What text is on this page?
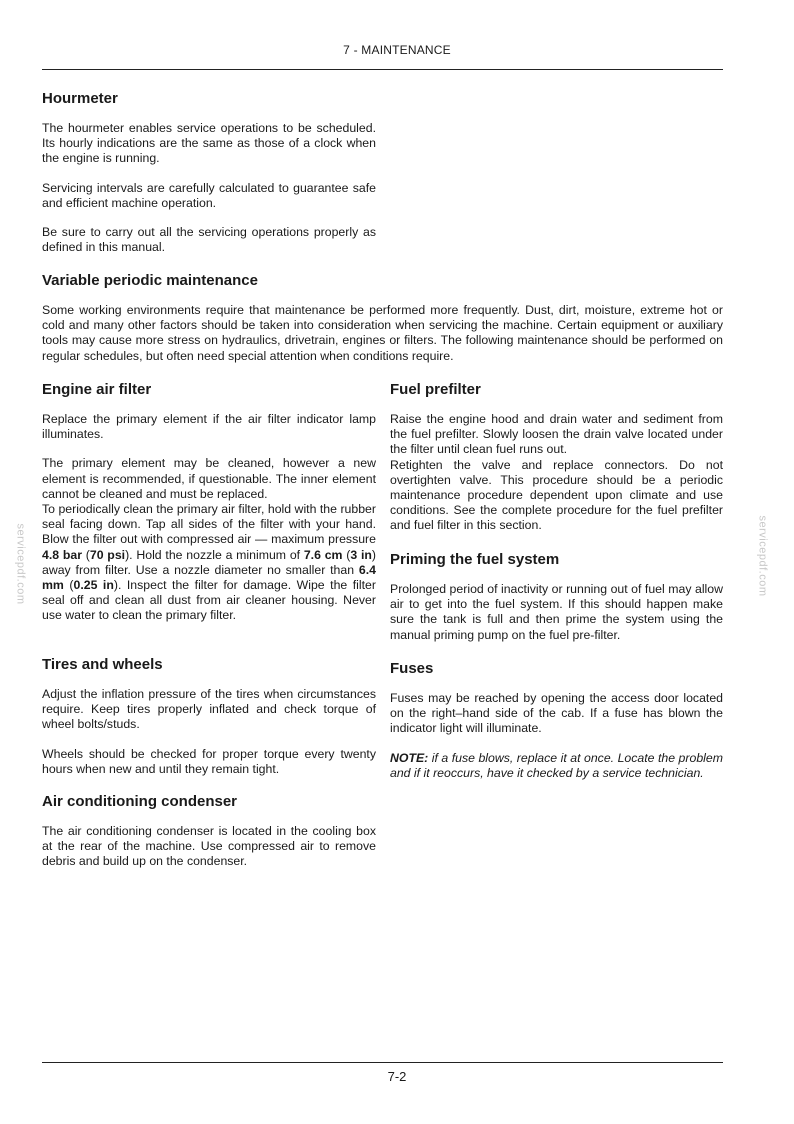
7 - MAINTENANCE
servicepdf.com	servicepdf.com
Hourmeter

The hourmeter enables service operations to be scheduled. Its hourly indications are the same as those of a clock when the engine is running.

Servicing intervals are carefully calculated to guarantee safe and efficient machine operation.

Be sure to carry out all the servicing operations properly as defined in this manual.

Variable periodic maintenance

Some working environments require that maintenance be performed more frequently. Dust, dirt, moisture, extreme hot or cold and many other factors should be taken into consideration when servicing the machine. Certain equipment or auxiliary tools may cause more stress on hydraulics, drivetrain, engines or filters. The following maintenance should be performed on regular schedules, but often need special attention when conditions require.

Engine air filter

Replace the primary element if the air filter indicator lamp illuminates.

The primary element may be cleaned, however a new element is recommended, if questionable. The inner element cannot be cleaned and must be replaced.

To periodically clean the primary air filter, hold with the rubber seal facing down. Tap all sides of the filter with your hand. Blow the filter out with compressed air — maximum pressure 4.8 bar (70 psi). Hold the nozzle a minimum of 7.6 cm (3 in) away from filter. Use a nozzle diameter no smaller than 6.4 mm (0.25 in). Inspect the filter for damage. Wipe the filter seal off and clean all dust from air cleaner housing. Never use water to clean the primary filter.

Tires and wheels

Adjust the inflation pressure of the tires when circumstances require. Keep tires properly inflated and check torque of wheel bolts/studs.

Wheels should be checked for proper torque every twenty hours when new and until they remain tight.

Air conditioning condenser

The air conditioning condenser is located in the cooling box at the rear of the machine. Use compressed air to remove debris and build up on the condenser.

Fuel prefilter

Raise the engine hood and drain water and sediment from the fuel prefilter. Slowly loosen the drain valve located under the filter until clean fuel runs out.

Retighten the valve and replace connectors. Do not overtighten valve. This procedure should be a periodic maintenance procedure dependent upon climate and use conditions. See the complete procedure for the fuel prefilter and fuel filter in this section.

Priming the fuel system

Prolonged period of inactivity or running out of fuel may allow air to get into the fuel system. If this should happen make sure the tank is full and then prime the system using the manual priming pump on the fuel pre-filter.

Fuses

Fuses may be reached by opening the access door located on the right–hand side of the cab. If a fuse has blown the indicator light will illuminate.

NOTE: if a fuse blows, replace it at once. Locate the problem and if it reoccurs, have it checked by a service technician.

7-2
